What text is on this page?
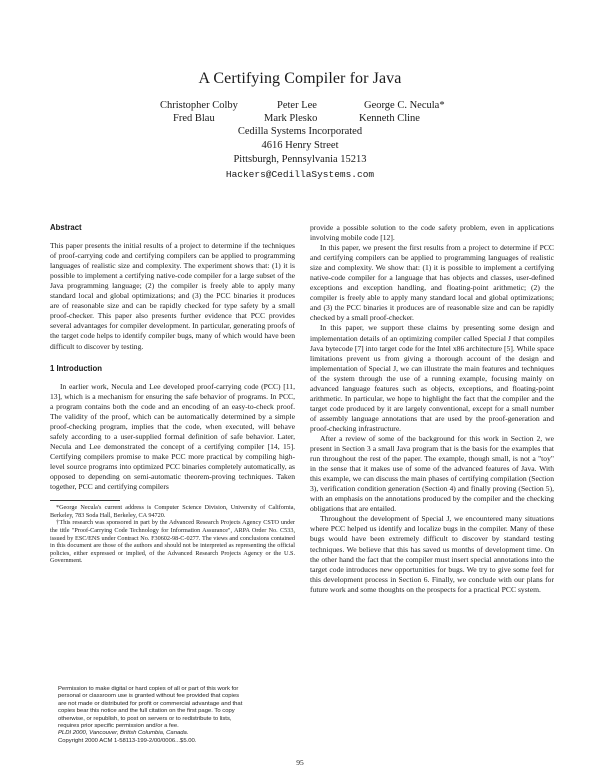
A Certifying Compiler for Java
Christopher Colby	Peter Lee	George C. Necula*
Fred Blau	Mark Plesko	Kenneth Cline
Cedilla Systems Incorporated
4616 Henry Street
Pittsburgh, Pennsylvania 15213
Hackers@CedillaSystems.com
Abstract

This paper presents the initial results of a project to determine if the techniques of proof-carrying code and certifying compilers can be applied to programming languages of realistic size and complexity. The experiment shows that: (1) it is possible to implement a certifying native-code compiler for a large subset of the Java programming language; (2) the compiler is freely able to apply many standard local and global optimizations; and (3) the PCC binaries it produces are of reasonable size and can be rapidly checked for type safety by a small proof-checker. This paper also presents further evidence that PCC provides several advantages for compiler development. In particular, generating proofs of the target code helps to identify compiler bugs, many of which would have been difficult to discover by testing.

1 Introduction

In earlier work, Necula and Lee developed proof-carrying code (PCC) [11, 13], which is a mechanism for ensuring the safe behavior of programs. In PCC, a program contains both the code and an encoding of an easy-to-check proof. The validity of the proof, which can be automatically determined by a simple proof-checking program, implies that the code, when executed, will behave safely according to a user-supplied formal definition of safe behavior. Later, Necula and Lee demonstrated the concept of a certifying compiler [14, 15]. Certifying compilers promise to make PCC more practical by compiling high-level source programs into optimized PCC binaries completely automatically, as opposed to depending on semi-automatic theorem-proving techniques. Taken together, PCC and certifying compilers

*George Necula's current address is Computer Science Division, University of California, Berkeley, 783 Soda Hall, Berkeley, CA 94720.

†This research was sponsored in part by the Advanced Research Projects Agency CSTO under the title "Proof-Carrying Code Technology for Information Assurance", ARPA Order No. C533, issued by ESC/ENS under Contract No. F30602-98-C-0277. The views and conclusions contained in this document are those of the authors and should not be interpreted as representing the official policies, either expressed or implied, of the Advanced Research Projects Agency or the U.S. Government.

Permission to make digital or hard copies of all or part of this work for
personal or classroom use is granted without fee provided that copies
are not made or distributed for profit or commercial advantage and that
copies bear this notice and the full citation on the first page. To copy
otherwise, or republish, to post on servers or to redistribute to lists,
requires prior specific permission and/or a fee.
PLDI 2000, Vancouver, British Columbia, Canada.
Copyright 2000 ACM 1-58113-199-2/00/0006...$5.00.

provide a possible solution to the code safety problem, even in applications involving mobile code [12].

In this paper, we present the first results from a project to determine if PCC and certifying compilers can be applied to programming languages of realistic size and complexity. We show that: (1) it is possible to implement a certifying native-code compiler for a language that has objects and classes, user-defined exceptions and exception handling, and floating-point arithmetic; (2) the compiler is freely able to apply many standard local and global optimizations; and (3) the PCC binaries it produces are of reasonable size and can be rapidly checked by a small proof-checker.

In this paper, we support these claims by presenting some design and implementation details of an optimizing compiler called Special J that compiles Java bytecode [7] into target code for the Intel x86 architecture [5]. While space limitations prevent us from giving a thorough account of the design and implementation of Special J, we can illustrate the main features and techniques of the system through the use of a running example, focusing mainly on advanced language features such as objects, exceptions, and floating-point arithmetic. In particular, we hope to highlight the fact that the compiler and the target code produced by it are largely conventional, except for a small number of assembly language annotations that are used by the proof-generation and proof-checking infrastructure.

After a review of some of the background for this work in Section 2, we present in Section 3 a small Java program that is the basis for the examples that run throughout the rest of the paper. The example, though small, is not a "toy" in the sense that it makes use of some of the advanced features of Java. With this example, we can discuss the main phases of certifying compilation (Section 3), verification condition generation (Section 4) and finally proving (Section 5), with an emphasis on the annotations produced by the compiler and the checking obligations that are entailed.

Throughout the development of Special J, we encountered many situations where PCC helped us identify and localize bugs in the compiler. Many of these bugs would have been extremely difficult to discover by standard testing techniques. We believe that this has saved us months of development time. On the other hand the fact that the compiler must insert special annotations into the target code introduces new opportunities for bugs. We try to give some feel for this development process in Section 6. Finally, we conclude with our plans for future work and some thoughts on the prospects for a practical PCC system.

95
